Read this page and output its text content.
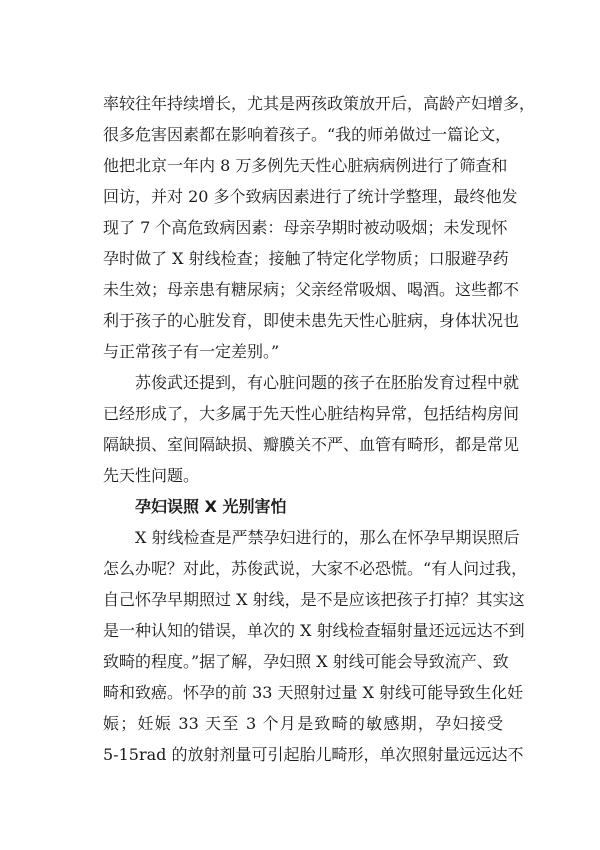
率较往年持续增长，尤其是两孩政策放开后，高龄产妇增多，
很多危害因素都在影响着孩子。“我的师弟做过一篇论文，
他把北京一年内 8 万多例先天性心脏病病例进行了筛查和
回访，并对 20 多个致病因素进行了统计学整理，最终他发
现了 7 个高危致病因素：母亲孕期时被动吸烟；未发现怀
孕时做了 X 射线检查；接触了特定化学物质；口服避孕药
未生效；母亲患有糖尿病；父亲经常吸烟、喝酒。这些都不
利于孩子的心脏发育，即使未患先天性心脏病，身体状况也
与正常孩子有一定差别。”
苏俊武还提到，有心脏问题的孩子在胚胎发育过程中就
已经形成了，大多属于先天性心脏结构异常，包括结构房间
隔缺损、室间隔缺损、瓣膜关不严、血管有畸形，都是常见
先天性问题。
孕妇误照 X 光别害怕
X 射线检查是严禁孕妇进行的，那么在怀孕早期误照后
怎么办呢？对此，苏俊武说，大家不必恐慌。“有人问过我，
自己怀孕早期照过 X 射线，是不是应该把孩子打掉？其实这
是一种认知的错误，单次的 X 射线检查辐射量还远远达不到
致畸的程度。”据了解，孕妇照 X 射线可能会导致流产、致
畸和致癌。怀孕的前 33 天照射过量 X 射线可能导致生化妊
娠；妊娠 33 天至 3 个月是致畸的敏感期，孕妇接受
5-15rad 的放射剂量可引起胎儿畸形，单次照射量远远达不
